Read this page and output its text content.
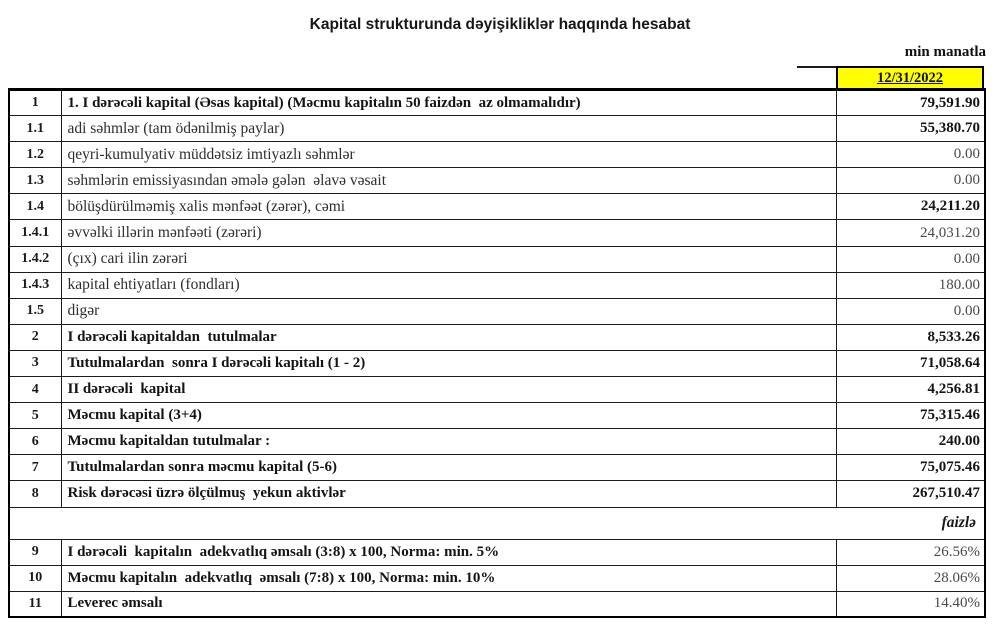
Kapital strukturunda dəyişikliklər haqqında hesabat
min manatla
12/31/2022
1	1. I dərəcəli kapital (Əsas kapital) (Məcmu kapitalın 50 faizdən  az olmamalıdır)	79,591.90
1.1	adi səhmlər (tam ödənilmiş paylar)	55,380.70
1.2	qeyri-kumulyativ müddətsiz imtiyazlı səhmlər	0.00
1.3	səhmlərin emissiyasından əmələ gələn  əlavə vəsait	0.00
1.4	bölüşdürülməmiş xalis mənfəət (zərər), cəmi	24,211.20
1.4.1	əvvəlki illərin mənfəəti (zərəri)	24,031.20
1.4.2	(çıx) cari ilin zərəri	0.00
1.4.3	kapital ehtiyatları (fondları)	180.00
1.5	digər	0.00
2	I dərəcəli kapitaldan  tutulmalar	8,533.26
3	Tutulmalardan  sonra I dərəcəli kapitalı (1 - 2)	71,058.64
4	II dərəcəli  kapital	4,256.81
5	Məcmu kapital (3+4)	75,315.46
6	Məcmu kapitaldan tutulmalar :	240.00
7	Tutulmalardan sonra məcmu kapital (5-6)	75,075.46
8	Risk dərəcəsi üzrə ölçülmuş  yekun aktivlər	267,510.47
faizlə		
9	I dərəcəli  kapitalın  adekvatlıq əmsalı (3:8) x 100, Norma: min. 5%	26.56%
10	Məcmu kapitalın  adekvatlıq  əmsalı (7:8) x 100, Norma: min. 10%	28.06%
11	Leverec əmsalı	14.40%
